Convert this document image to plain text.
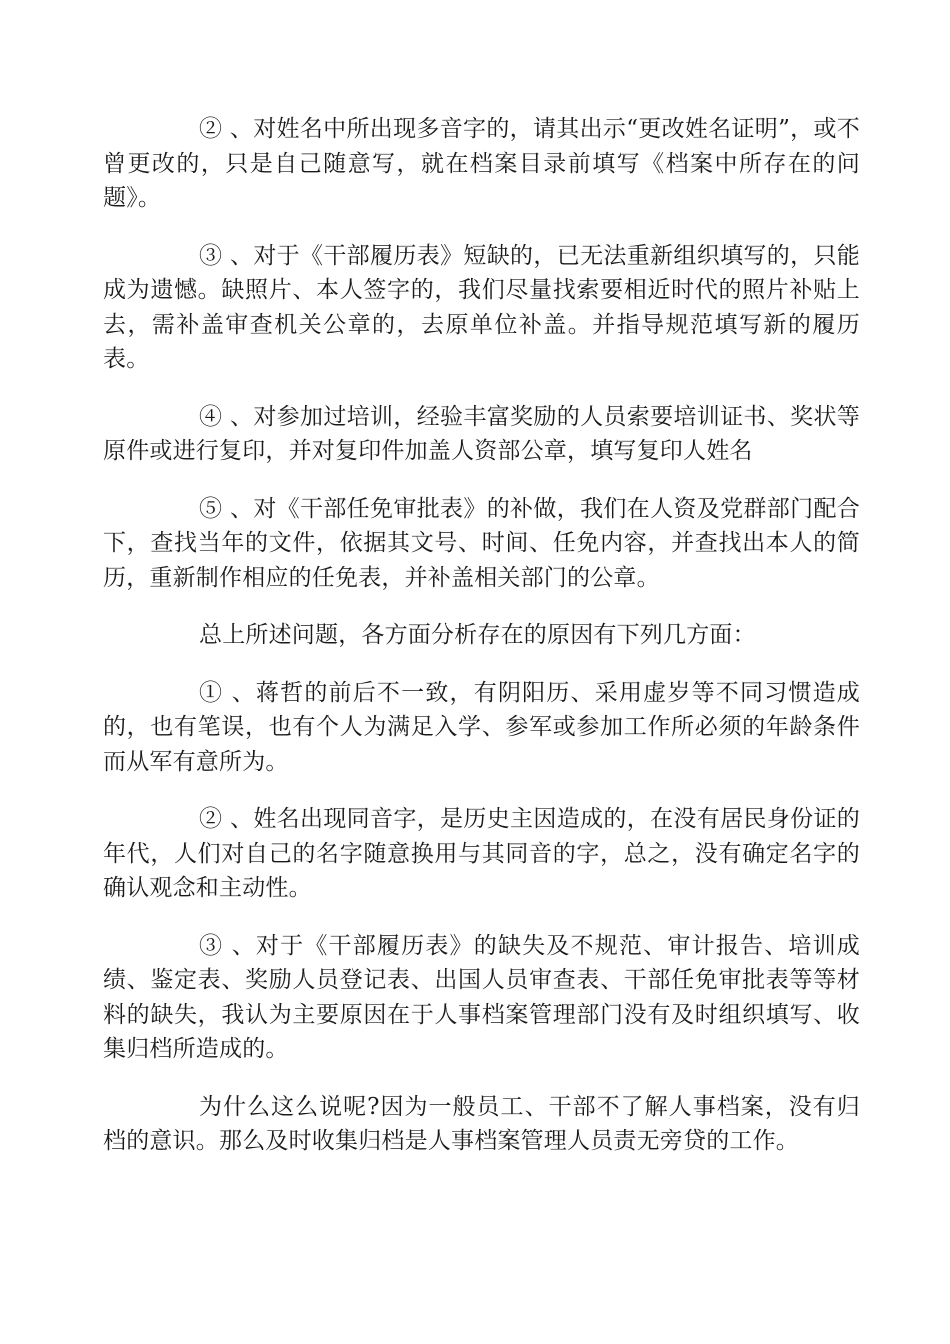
② 、对姓名中所出现多音字的，请其出示“更改姓名证明”，或不曾更改的，只是自己随意写，就在档案目录前填写《档案中所存在的问题》。

③ 、对于《干部履历表》短缺的，已无法重新组织填写的，只能成为遗憾。缺照片、本人签字的，我们尽量找索要相近时代的照片补贴上去，需补盖审查机关公章的，去原单位补盖。并指导规范填写新的履历表。

④ 、对参加过培训，经验丰富奖励的人员索要培训证书、奖状等原件或进行复印，并对复印件加盖人资部公章，填写复印人姓名

⑤ 、对《干部任免审批表》的补做，我们在人资及党群部门配合下，查找当年的文件，依据其文号、时间、任免内容，并查找出本人的简历，重新制作相应的任免表，并补盖相关部门的公章。

总上所述问题，各方面分析存在的原因有下列几方面：

① 、蒋哲的前后不一致，有阴阳历、采用虚岁等不同习惯造成的，也有笔误，也有个人为满足入学、参军或参加工作所必须的年龄条件而从军有意所为。

② 、姓名出现同音字，是历史主因造成的，在没有居民身份证的年代，人们对自己的名字随意换用与其同音的字，总之，没有确定名字的确认观念和主动性。

③ 、对于《干部履历表》的缺失及不规范、审计报告、培训成绩、鉴定表、奖励人员登记表、出国人员审查表、干部任免审批表等等材料的缺失，我认为主要原因在于人事档案管理部门没有及时组织填写、收集归档所造成的。

为什么这么说呢?因为一般员工、干部不了解人事档案，没有归档的意识。那么及时收集归档是人事档案管理人员责无旁贷的工作。
